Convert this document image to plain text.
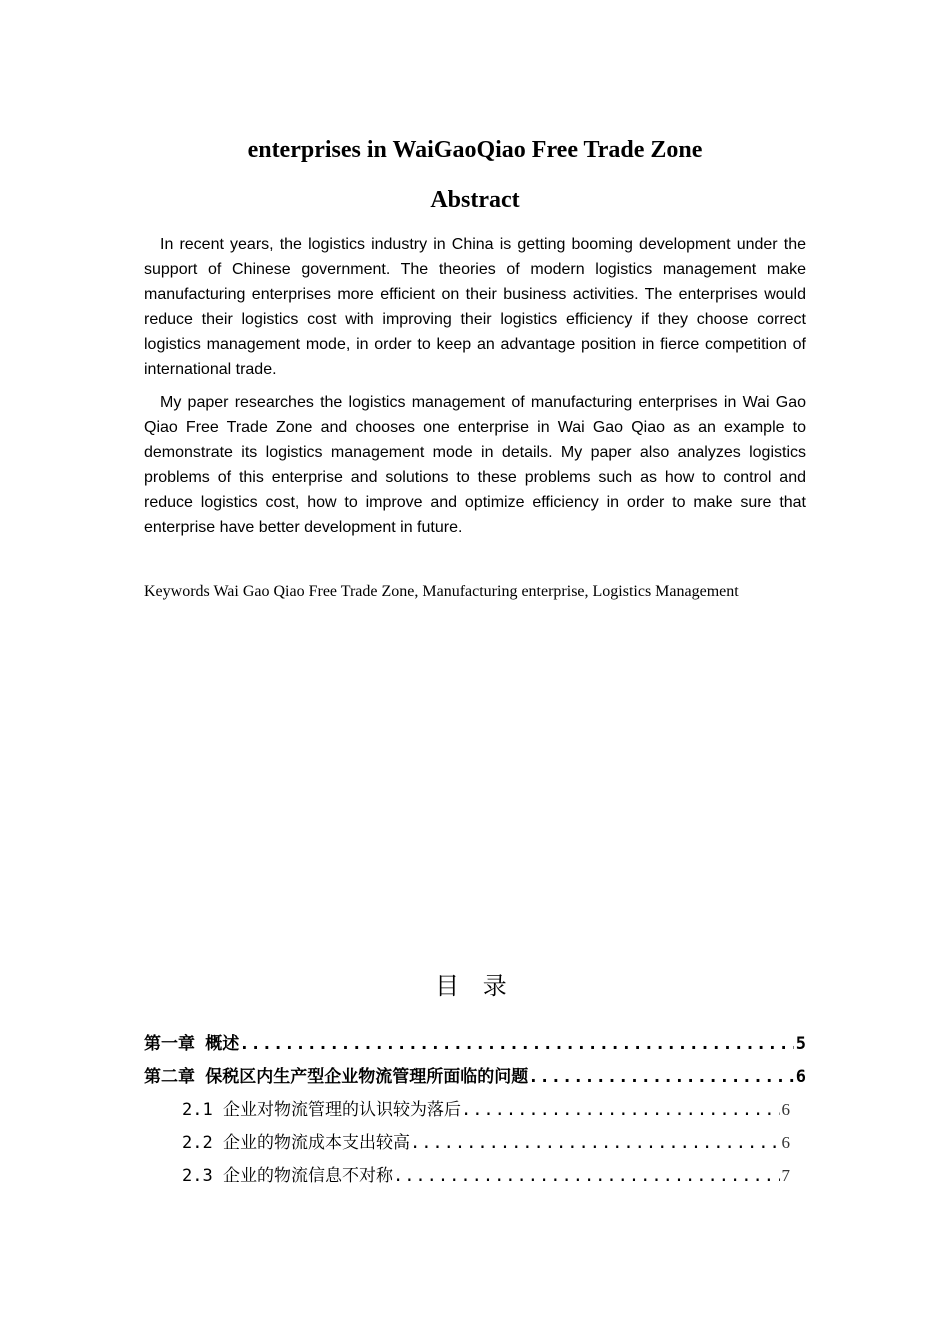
enterprises in WaiGaoQiao Free Trade Zone
Abstract

In recent years, the logistics industry in China is getting booming development under the support of Chinese government. The theories of modern logistics management make manufacturing enterprises more efficient on their business activities. The enterprises would reduce their logistics cost with improving their logistics efficiency if they choose correct logistics management mode, in order to keep an advantage position in fierce competition of international trade.

My paper researches the logistics management of manufacturing enterprises in Wai Gao Qiao Free Trade Zone and chooses one enterprise in Wai Gao Qiao as an example to demonstrate its logistics management mode in details. My paper also analyzes logistics problems of this enterprise and solutions to these problems such as how to control and reduce logistics cost, how to improve and optimize efficiency in order to make sure that enterprise have better development in future.

Keywords Wai Gao Qiao Free Trade Zone, Manufacturing enterprise, Logistics Management
目 录
第一章 概述 .....	5
第二章 保税区内生产型企业物流管理所面临的问题 .....	6
2.1 企业对物流管理的认识较为落后 .....	6
2.2 企业的物流成本支出较高 .....	6
2.3 企业的物流信息不对称 .....	7
